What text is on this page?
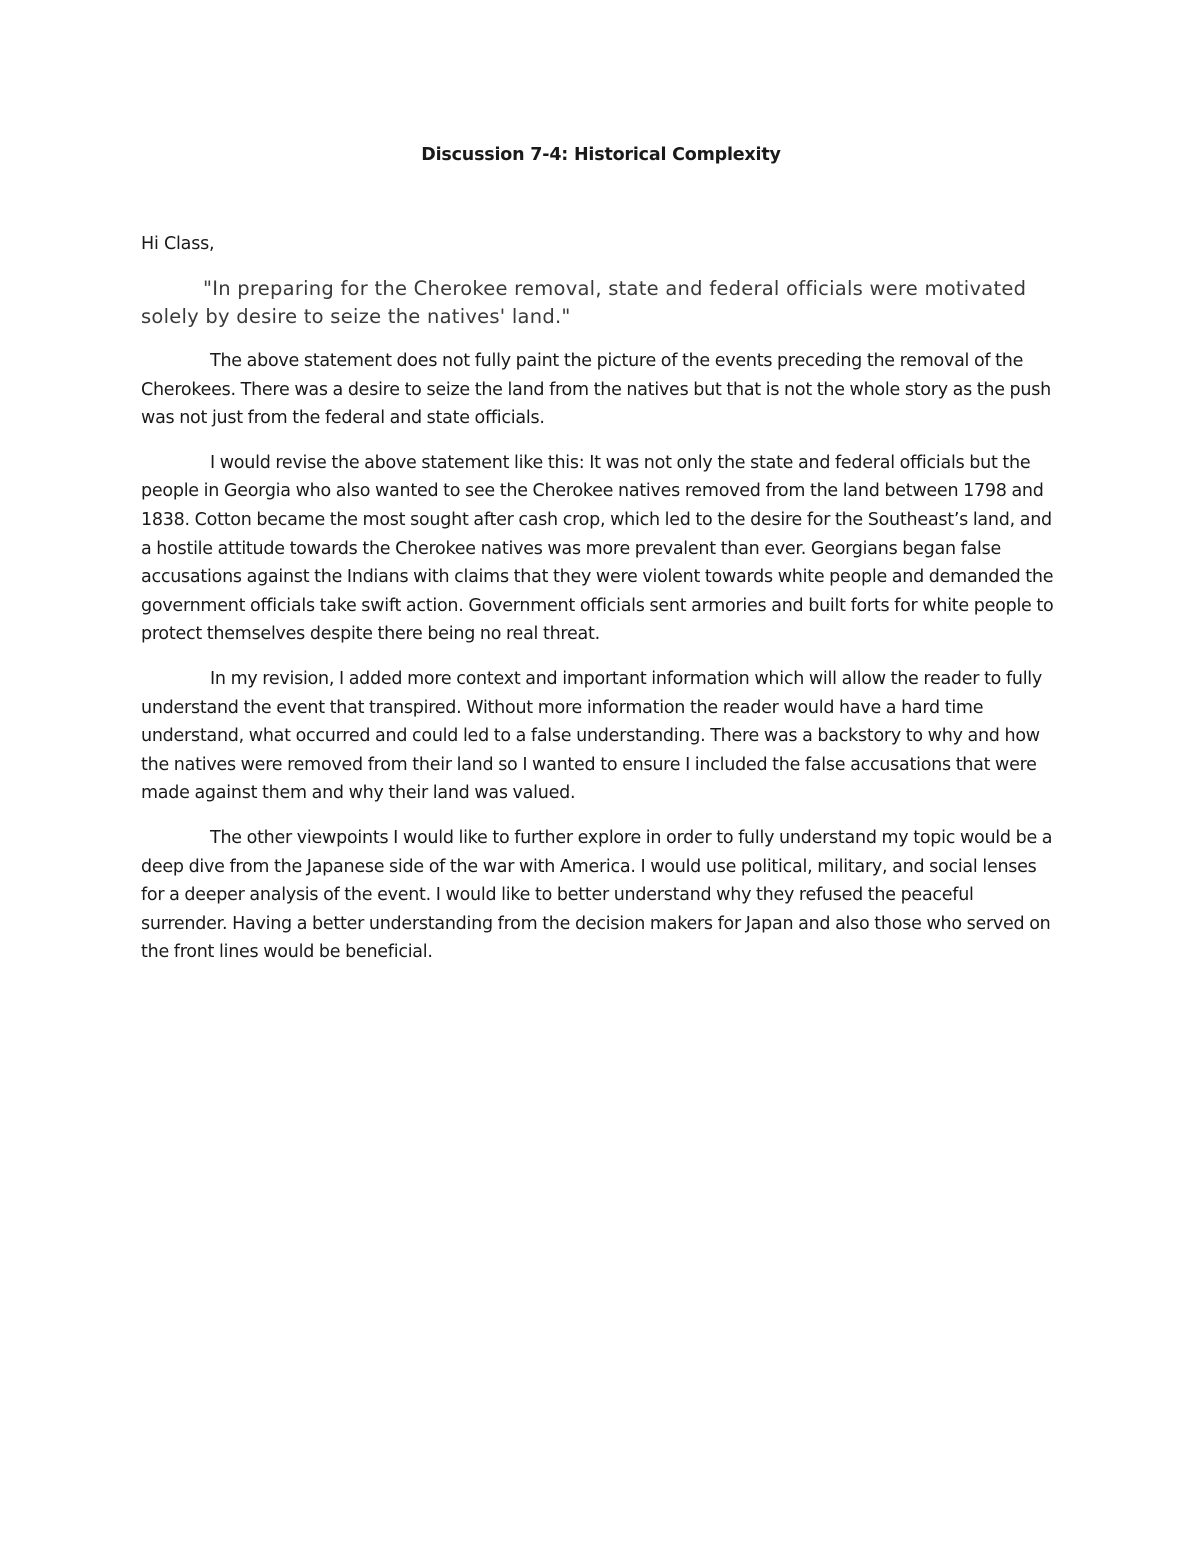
Discussion 7-4: Historical Complexity
Hi Class,
"In preparing for the Cherokee removal, state and federal officials were motivated solely by desire to seize the natives' land."

The above statement does not fully paint the picture of the events preceding the removal of the Cherokees. There was a desire to seize the land from the natives but that is not the whole story as the push was not just from the federal and state officials.

I would revise the above statement like this: It was not only the state and federal officials but the people in Georgia who also wanted to see the Cherokee natives removed from the land between 1798 and 1838. Cotton became the most sought after cash crop, which led to the desire for the Southeast’s land, and a hostile attitude towards the Cherokee natives was more prevalent than ever. Georgians began false accusations against the Indians with claims that they were violent towards white people and demanded the government officials take swift action. Government officials sent armories and built forts for white people to protect themselves despite there being no real threat.

In my revision, I added more context and important information which will allow the reader to fully understand the event that transpired. Without more information the reader would have a hard time understand, what occurred and could led to a false understanding. There was a backstory to why and how the natives were removed from their land so I wanted to ensure I included the false accusations that were made against them and why their land was valued.

The other viewpoints I would like to further explore in order to fully understand my topic would be a deep dive from the Japanese side of the war with America. I would use political, military, and social lenses for a deeper analysis of the event. I would like to better understand why they refused the peaceful surrender. Having a better understanding from the decision makers for Japan and also those who served on the front lines would be beneficial.
